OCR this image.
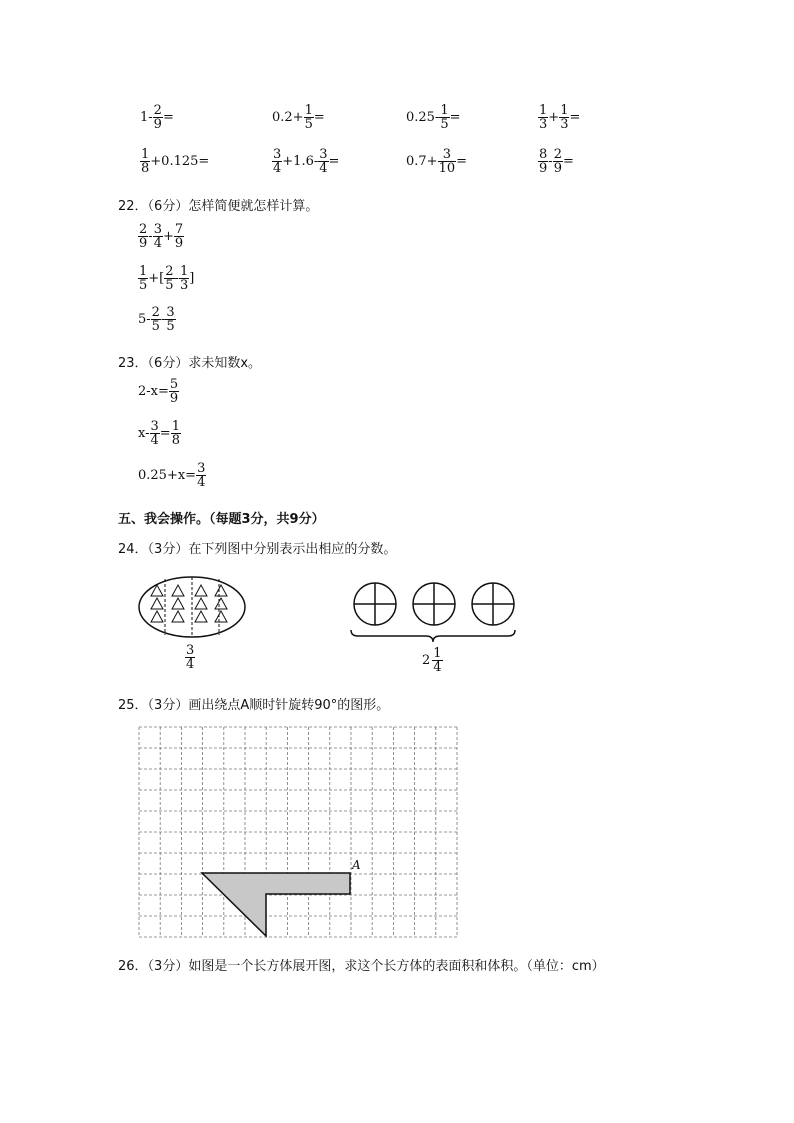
$1- \frac{2}{9}$ =	$0.2+ \frac{1}{5}$ =	$0.25- \frac{1}{5}$ =	$\frac{1}{3} + \frac{1}{3}$ =
$\frac{1}{8} +0.125=$	$\frac{3}{4} +1.6- \frac{3}{4}$ =	$0.7+ \frac{3}{10}$ =	$\frac{8}{9} - \frac{2}{9}$ =
22．（6分）怎样简便就怎样计算。
$\frac{2}{9} - \frac{3}{4} + \frac{7}{9}$
$\frac{1}{5}$ +[ $\frac{2}{5} - \frac{1}{3}$ ]
$5- \frac{2}{5} - \frac{3}{5}$
23．（6分）求未知数x。
$2-x= \frac{5}{9}$
$x- \frac{3}{4} = \frac{1}{8}$
$0.25+x= \frac{3}{4}$
五、我会操作。（每题3分，共9分）
24．（3分）在下列图中分别表示出相应的分数。
$\frac{3}{4}$	$2 \frac{1}{4}$
25．（3分）画出绕点A顺时针旋转90°的图形。
A
26．（3分）如图是一个长方体展开图，求这个长方体的表面积和体积。（单位：cm）
